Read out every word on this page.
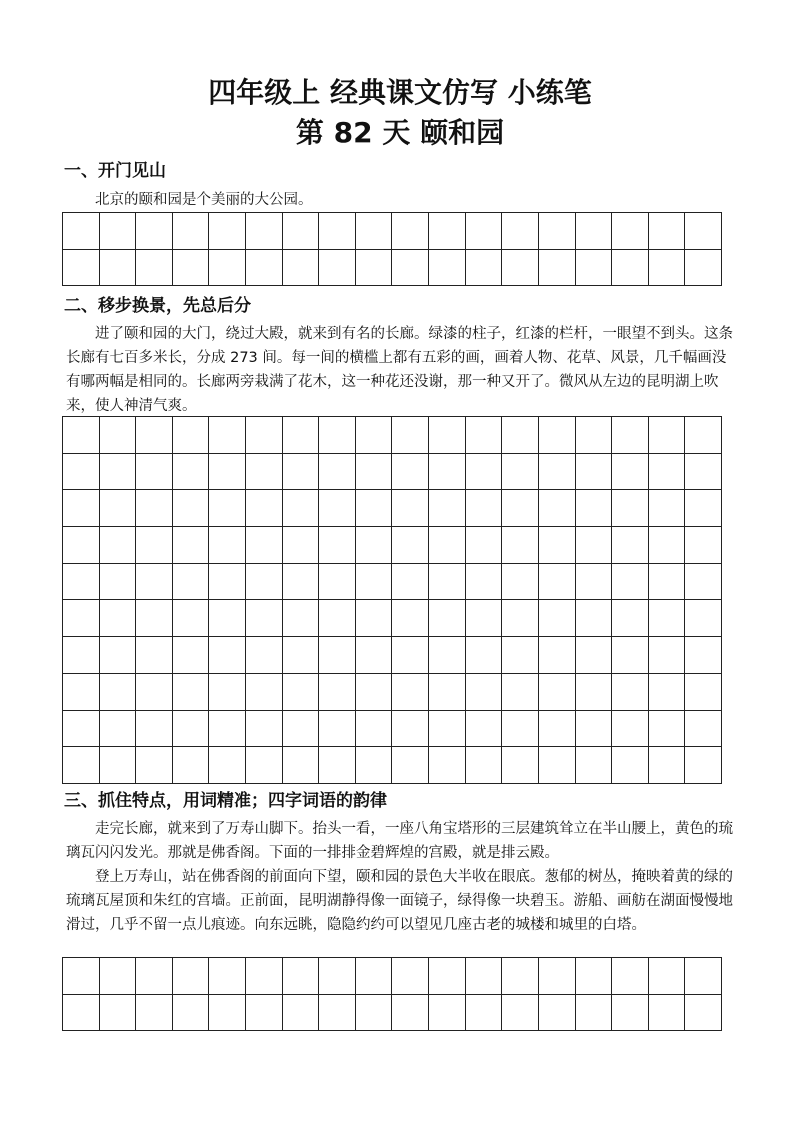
四年级上 经典课文仿写 小练笔
第 82 天 颐和园
一、开门见山

北京的颐和园是个美丽的大公园。

二、移步换景，先总后分

进了颐和园的大门，绕过大殿，就来到有名的长廊。绿漆的柱子，红漆的栏杆，一眼望不到头。这条长廊有七百多米长，分成 273 间。每一间的横槛上都有五彩的画，画着人物、花草、风景，几千幅画没有哪两幅是相同的。长廊两旁栽满了花木，这一种花还没谢，那一种又开了。微风从左边的昆明湖上吹来，使人神清气爽。

三、抓住特点，用词精准；四字词语的韵律

走完长廊，就来到了万寿山脚下。抬头一看，一座八角宝塔形的三层建筑耸立在半山腰上，黄色的琉璃瓦闪闪发光。那就是佛香阁。下面的一排排金碧辉煌的宫殿，就是排云殿。

登上万寿山，站在佛香阁的前面向下望，颐和园的景色大半收在眼底。葱郁的树丛，掩映着黄的绿的琉璃瓦屋顶和朱红的宫墙。正前面，昆明湖静得像一面镜子，绿得像一块碧玉。游船、画舫在湖面慢慢地滑过，几乎不留一点儿痕迹。向东远眺，隐隐约约可以望见几座古老的城楼和城里的白塔。
